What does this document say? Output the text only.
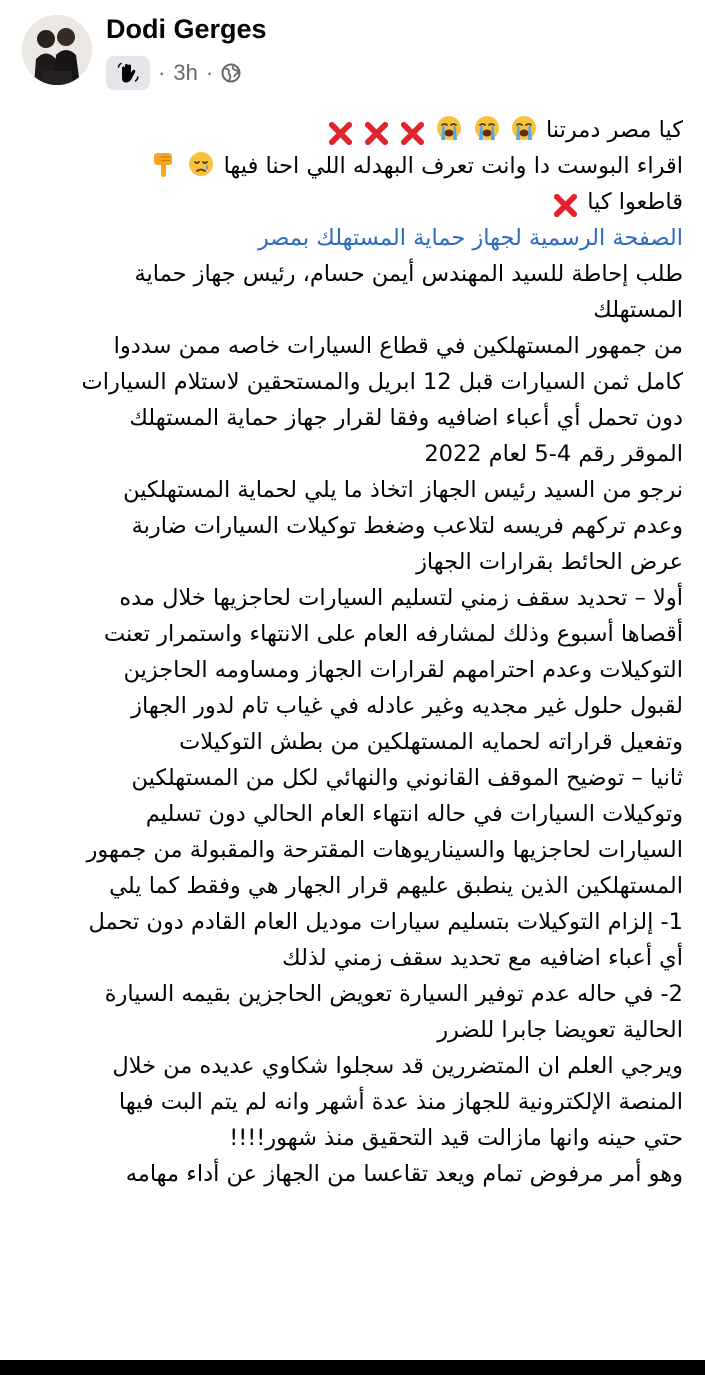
Dodi Gerges
· 3h ·
كيا مصر دمرتنا
اقراء البوست دا وانت تعرف البهدله اللي احنا فيها
قاطعوا كيا
الصفحة الرسمية لجهاز حماية المستهلك بمصر
طلب إحاطة للسيد المهندس أيمن حسام، رئيس جهاز حماية
المستهلك
من جمهور المستهلكين في قطاع السيارات خاصه ممن سددوا
كامل ثمن السيارات قبل 12 ابريل والمستحقين لاستلام السيارات
دون تحمل أي أعباء اضافيه وفقا لقرار جهاز حماية المستهلك
الموقر رقم 4-5 لعام 2022
نرجو من السيد رئيس الجهاز اتخاذ ما يلي لحماية المستهلكين
وعدم تركهم فريسه لتلاعب وضغط توكيلات السيارات ضاربة
عرض الحائط بقرارات الجهاز
أولا – تحديد سقف زمني لتسليم السيارات لحاجزيها خلال مده
أقصاها أسبوع وذلك لمشارفه العام على الانتهاء واستمرار تعنت
التوكيلات وعدم احترامهم لقرارات الجهاز ومساومه الحاجزين
لقبول حلول غير مجديه وغير عادله في غياب تام لدور الجهاز
وتفعيل قراراته لحمايه المستهلكين من بطش التوكيلات
ثانيا – توضيح الموقف القانوني والنهائي لكل من المستهلكين
وتوكيلات السيارات في حاله انتهاء العام الحالي دون تسليم
السيارات لحاجزيها والسيناريوهات المقترحة والمقبولة من جمهور
المستهلكين الذين ينطبق عليهم قرار الجهار هي وفقط كما يلي
1- إلزام التوكيلات بتسليم سيارات موديل العام القادم دون تحمل
أي أعباء اضافيه مع تحديد سقف زمني لذلك
2- في حاله عدم توفير السيارة تعويض الحاجزين بقيمه السيارة
الحالية تعويضا جابرا للضرر
ويرجي العلم ان المتضررين قد سجلوا شكاوي عديده من خلال
المنصة الإلكترونية للجهاز منذ عدة أشهر وانه لم يتم البت فيها
حتي حينه وانها مازالت قيد التحقيق منذ شهور!!!!
وهو أمر مرفوض تمام ويعد تقاعسا من الجهاز عن أداء مهامه
